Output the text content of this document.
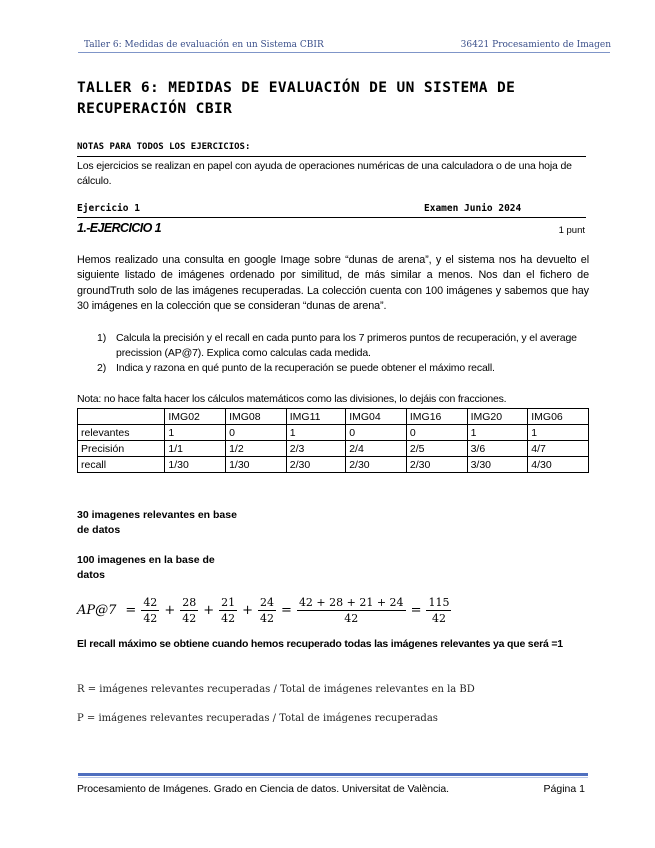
Taller 6: Medidas de evaluación en un Sistema CBIR	36421 Procesamiento de Imagen
TALLER 6: MEDIDAS DE EVALUACIÓN DE UN SISTEMA DE RECUPERACIÓN CBIR
NOTAS PARA TODOS LOS EJERCICIOS:
Los ejercicios se realizan en papel con ayuda de operaciones numéricas de una calculadora o de una hoja de cálculo.
Ejercicio 1	Examen Junio 2024
1.-EJERCICIO 1	1 punt
Hemos realizado una consulta en google Image sobre “dunas de arena”, y el sistema nos ha devuelto el siguiente listado de imágenes ordenado por similitud, de más similar a menos. Nos dan el fichero de groundTruth solo de las imágenes recuperadas. La colección cuenta con 100 imágenes y sabemos que hay 30 imágenes en la colección que se consideran “dunas de arena”.
1) Calcula la precisión y el recall en cada punto para los 7 primeros puntos de recuperación, y el average precission (AP@7). Explica como calculas cada medida.
2) Indica y razona en qué punto de la recuperación se puede obtener el máximo recall.
Nota: no hace falta hacer los cálculos matemáticos como las divisiones, lo dejáis con fracciones.
	IMG02	IMG08	IMG11	IMG04	IMG16	IMG20	IMG06
relevantes	1	0	1	0	0	1	1
Precisión	1/1	1/2	2/3	2/4	2/5	3/6	4/7
recall	1/30	1/30	2/30	2/30	2/30	3/30	4/30
30 imagenes relevantes en base de datos
100 imagenes en la base de datos
AP@7 = $\frac{42}{42} + \frac{28}{42} + \frac{21}{42} + \frac{24}{42} = \frac{42 + 28 + 21 + 24}{42} = \frac{115}{42}$
El recall máximo se obtiene cuando hemos recuperado todas las imágenes relevantes ya que será =1
R = imágenes relevantes recuperadas / Total de imágenes relevantes en la BD
P = imágenes relevantes recuperadas / Total de imágenes recuperadas
Procesamiento de Imágenes. Grado en Ciencia de datos. Universitat de València.	Página 1
